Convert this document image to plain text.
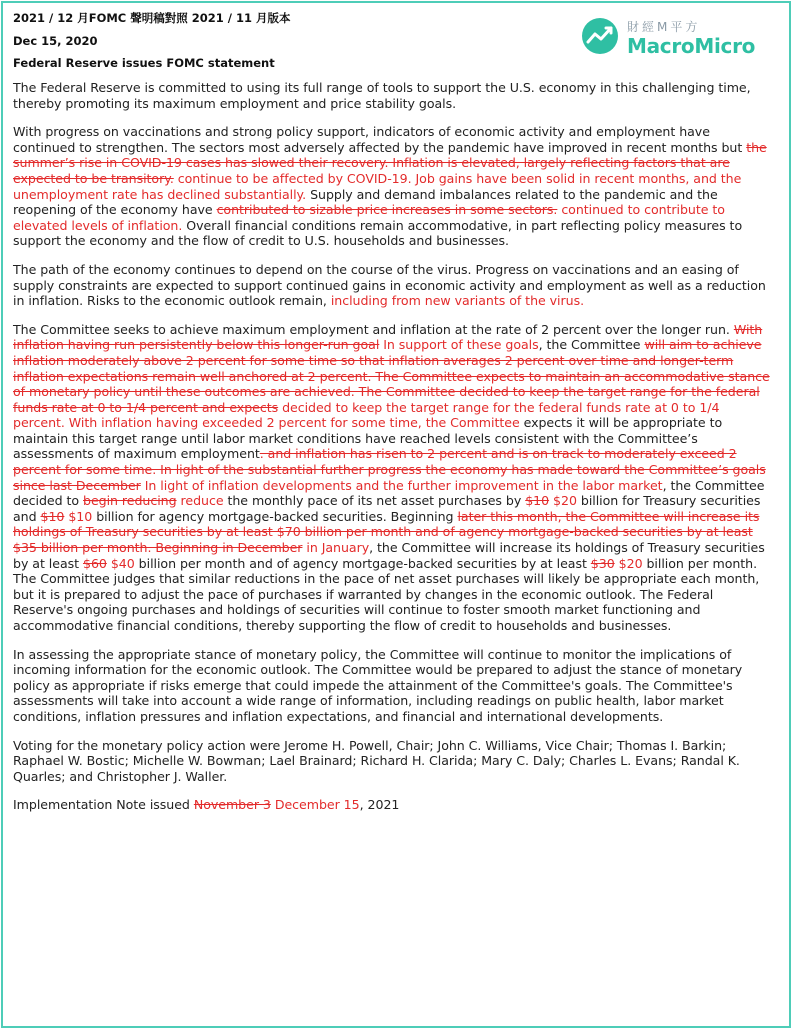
財經M平方
MacroMicro
2021 / 12 月FOMC 聲明稿對照 2021 / 11 月版本
Dec 15, 2020
Federal Reserve issues FOMC statement

The Federal Reserve is committed to using its full range of tools to support the U.S. economy in this challenging time, thereby promoting its maximum employment and price stability goals.

With progress on vaccinations and strong policy support, indicators of economic activity and employment have continued to strengthen. The sectors most adversely affected by the pandemic have improved in recent months but the summer’s rise in COVID-19 cases has slowed their recovery. Inflation is elevated, largely reflecting factors that are expected to be transitory. continue to be affected by COVID-19. Job gains have been solid in recent months, and the unemployment rate has declined substantially. Supply and demand imbalances related to the pandemic and the reopening of the economy have contributed to sizable price increases in some sectors. continued to contribute to elevated levels of inflation. Overall financial conditions remain accommodative, in part reflecting policy measures to support the economy and the flow of credit to U.S. households and businesses.

The path of the economy continues to depend on the course of the virus. Progress on vaccinations and an easing of supply constraints are expected to support continued gains in economic activity and employment as well as a reduction in inflation. Risks to the economic outlook remain, including from new variants of the virus.

The Committee seeks to achieve maximum employment and inflation at the rate of 2 percent over the longer run. With inflation having run persistently below this longer-run goal In support of these goals, the Committee will aim to achieve inflation moderately above 2 percent for some time so that inflation averages 2 percent over time and longer-term inflation expectations remain well anchored at 2 percent. The Committee expects to maintain an accommodative stance of monetary policy until these outcomes are achieved. The Committee decided to keep the target range for the federal funds rate at 0 to 1/4 percent and expects decided to keep the target range for the federal funds rate at 0 to 1/4 percent. With inflation having exceeded 2 percent for some time, the Committee expects it will be appropriate to maintain this target range until labor market conditions have reached levels consistent with the Committee’s assessments of maximum employment. and inflation has risen to 2 percent and is on track to moderately exceed 2 percent for some time. In light of the substantial further progress the economy has made toward the Committee’s goals since last December In light of inflation developments and the further improvement in the labor market, the Committee decided to begin reducing reduce the monthly pace of its net asset purchases by $10 $20 billion for Treasury securities and $10 $10 billion for agency mortgage-backed securities. Beginning later this month, the Committee will increase its holdings of Treasury securities by at least $70 billion per month and of agency mortgage-backed securities by at least $35 billion per month. Beginning in December in January, the Committee will increase its holdings of Treasury securities by at least $60 $40 billion per month and of agency mortgage-backed securities by at least $30 $20 billion per month. The Committee judges that similar reductions in the pace of net asset purchases will likely be appropriate each month, but it is prepared to adjust the pace of purchases if warranted by changes in the economic outlook. The Federal Reserve's ongoing purchases and holdings of securities will continue to foster smooth market functioning and accommodative financial conditions, thereby supporting the flow of credit to households and businesses.

In assessing the appropriate stance of monetary policy, the Committee will continue to monitor the implications of incoming information for the economic outlook. The Committee would be prepared to adjust the stance of monetary policy as appropriate if risks emerge that could impede the attainment of the Committee's goals. The Committee's assessments will take into account a wide range of information, including readings on public health, labor market conditions, inflation pressures and inflation expectations, and financial and international developments.

Voting for the monetary policy action were Jerome H. Powell, Chair; John C. Williams, Vice Chair; Thomas I. Barkin; Raphael W. Bostic; Michelle W. Bowman; Lael Brainard; Richard H. Clarida; Mary C. Daly; Charles L. Evans; Randal K. Quarles; and Christopher J. Waller.

Implementation Note issued November 3 December 15, 2021
